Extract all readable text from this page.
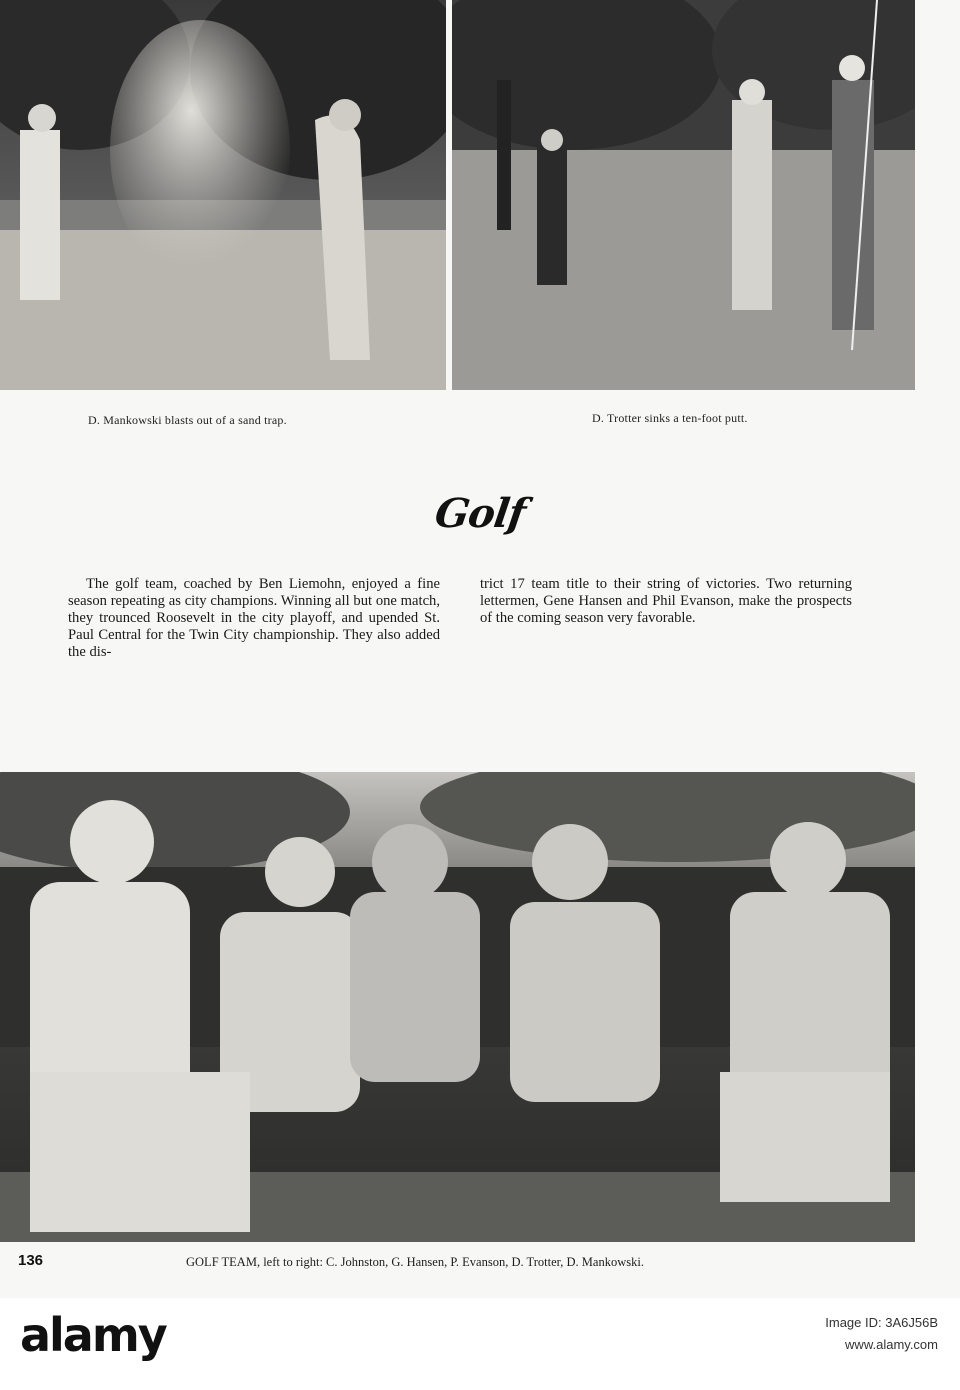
D. Mankowski blasts out of a sand trap.	D. Trotter sinks a ten-foot putt.
Golf

The golf team, coached by Ben Liemohn, enjoyed a fine season repeating as city champions. Winning all but one match, they trounced Roosevelt in the city playoff, and upended St. Paul Central for the Twin City championship. They also added the dis-

trict 17 team title to their string of victories. Two returning lettermen, Gene Hansen and Phil Evanson, make the prospects of the coming season very favorable.

136	GOLF TEAM, left to right: C. Johnston, G. Hansen, P. Evanson, D. Trotter, D. Mankowski.
alamy	Image ID: 3A6J56B
www.alamy.com
